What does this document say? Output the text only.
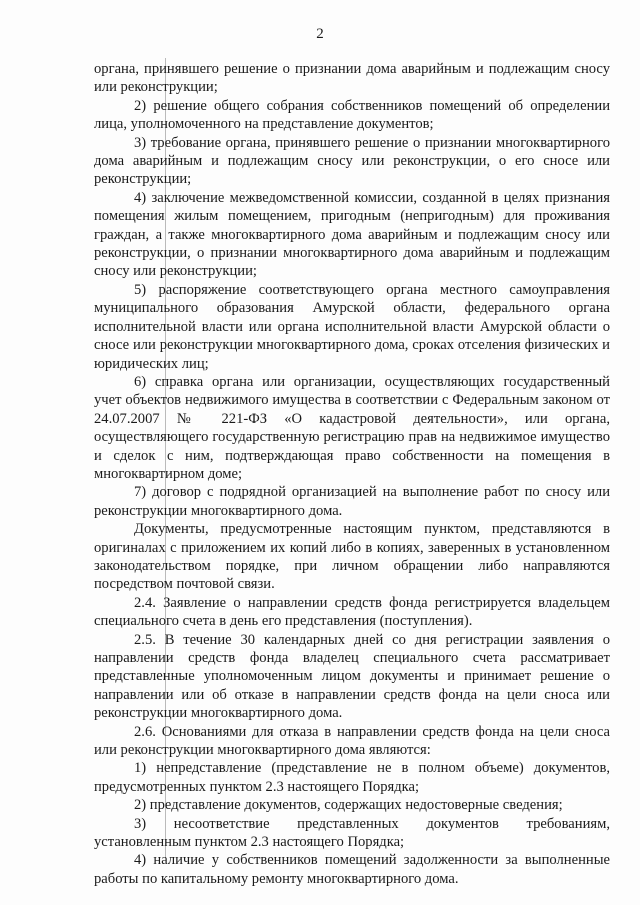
2

органа, принявшего решение о признании дома аварийным и подлежащим сносу или реконструкции;

2) решение общего собрания собственников помещений об определении лица, уполномоченного на представление документов;

3) требование органа, принявшего решение о признании многоквартирного дома аварийным и подлежащим сносу или реконструкции, о его сносе или реконструкции;

4) заключение межведомственной комиссии, созданной в целях признания помещения жилым помещением, пригодным (непригодным) для проживания граждан, а также многоквартирного дома аварийным и подлежащим сносу или реконструкции, о признании многоквартирного дома аварийным и подлежащим сносу или реконструкции;

5) распоряжение соответствующего органа местного самоуправления муниципального образования Амурской области, федерального органа исполнительной власти или органа исполнительной власти Амурской области о сносе или реконструкции многоквартирного дома, сроках отселения физических и юридических лиц;

6) справка органа или организации, осуществляющих государственный учет объектов недвижимого имущества в соответствии с Федеральным законом от 24.07.2007 № 221-ФЗ «О кадастровой деятельности», или органа, осуществляющего государственную регистрацию прав на недвижимое имущество и сделок с ним, подтверждающая право собственности на помещения в многоквартирном доме;

7) договор с подрядной организацией на выполнение работ по сносу или реконструкции многоквартирного дома.

Документы, предусмотренные настоящим пунктом, представляются в оригиналах с приложением их копий либо в копиях, заверенных в установленном законодательством порядке, при личном обращении либо направляются посредством почтовой связи.

2.4. Заявление о направлении средств фонда регистрируется владельцем специального счета в день его представления (поступления).

2.5. В течение 30 календарных дней со дня регистрации заявления о направлении средств фонда владелец специального счета рассматривает представленные уполномоченным лицом документы и принимает решение о направлении или об отказе в направлении средств фонда на цели сноса или реконструкции многоквартирного дома.

2.6. Основаниями для отказа в направлении средств фонда на цели сноса или реконструкции многоквартирного дома являются:

1) непредставление (представление не в полном объеме) документов, предусмотренных пунктом 2.3 настоящего Порядка;

2) представление документов, содержащих недостоверные сведения;

3) несоответствие представленных документов требованиям, установленным пунктом 2.3 настоящего Порядка;

4) наличие у собственников помещений задолженности за выполненные работы по капитальному ремонту многоквартирного дома.
